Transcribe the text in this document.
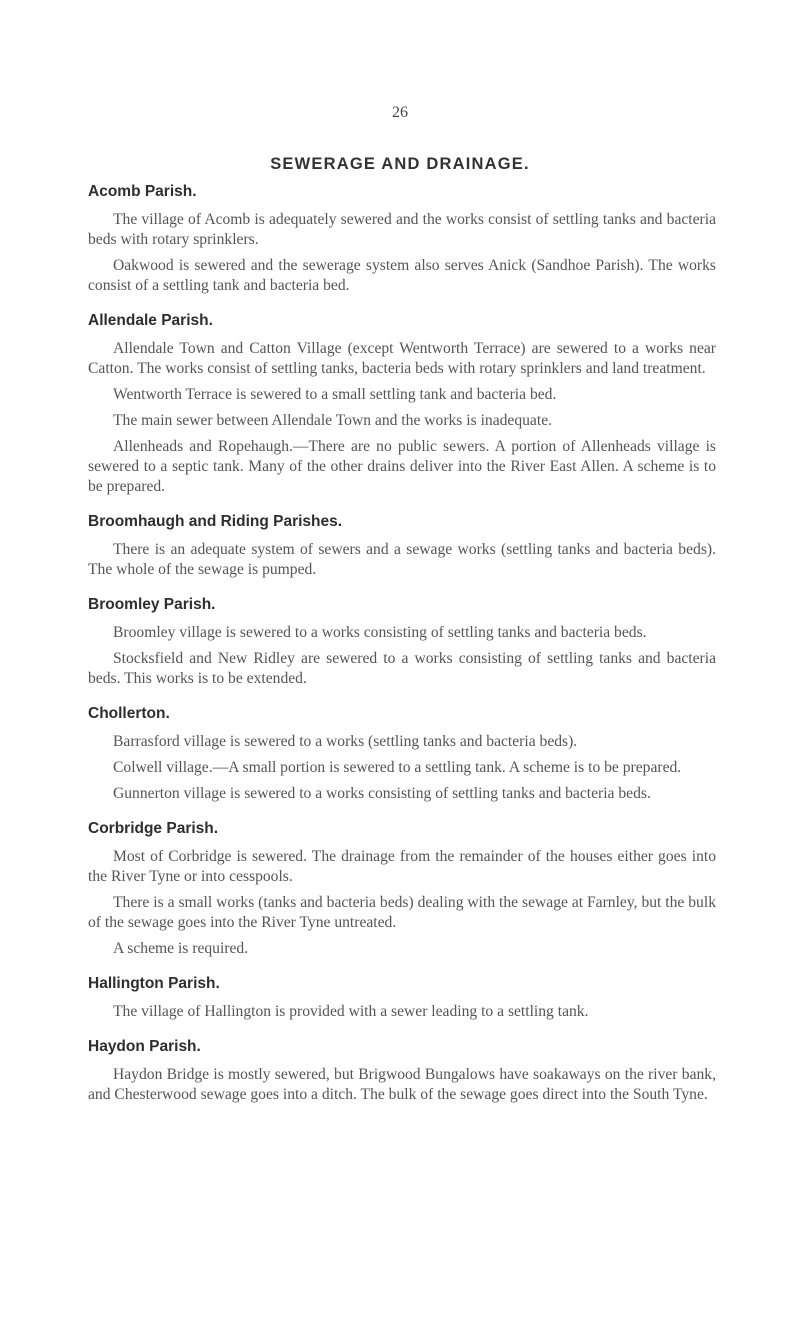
26
SEWERAGE AND DRAINAGE.
Acomb Parish.

The village of Acomb is adequately sewered and the works consist of settling tanks and bacteria beds with rotary sprinklers.

Oakwood is sewered and the sewerage system also serves Anick (Sandhoe Parish). The works consist of a settling tank and bacteria bed.

Allendale Parish.

Allendale Town and Catton Village (except Wentworth Terrace) are sewered to a works near Catton. The works consist of settling tanks, bacteria beds with rotary sprinklers and land treatment.

Wentworth Terrace is sewered to a small settling tank and bacteria bed.

The main sewer between Allendale Town and the works is inadequate.

Allenheads and Ropehaugh.—There are no public sewers. A portion of Allenheads village is sewered to a septic tank. Many of the other drains deliver into the River East Allen. A scheme is to be prepared.

Broomhaugh and Riding Parishes.

There is an adequate system of sewers and a sewage works (settling tanks and bacteria beds). The whole of the sewage is pumped.

Broomley Parish.

Broomley village is sewered to a works consisting of settling tanks and bacteria beds.

Stocksfield and New Ridley are sewered to a works consisting of settling tanks and bacteria beds. This works is to be extended.

Chollerton.

Barrasford village is sewered to a works (settling tanks and bacteria beds).

Colwell village.—A small portion is sewered to a settling tank. A scheme is to be prepared.

Gunnerton village is sewered to a works consisting of settling tanks and bacteria beds.

Corbridge Parish.

Most of Corbridge is sewered. The drainage from the remainder of the houses either goes into the River Tyne or into cesspools.

There is a small works (tanks and bacteria beds) dealing with the sewage at Farnley, but the bulk of the sewage goes into the River Tyne untreated.

A scheme is required.

Hallington Parish.

The village of Hallington is provided with a sewer leading to a settling tank.

Haydon Parish.

Haydon Bridge is mostly sewered, but Brigwood Bungalows have soakaways on the river bank, and Chesterwood sewage goes into a ditch. The bulk of the sewage goes direct into the South Tyne.
